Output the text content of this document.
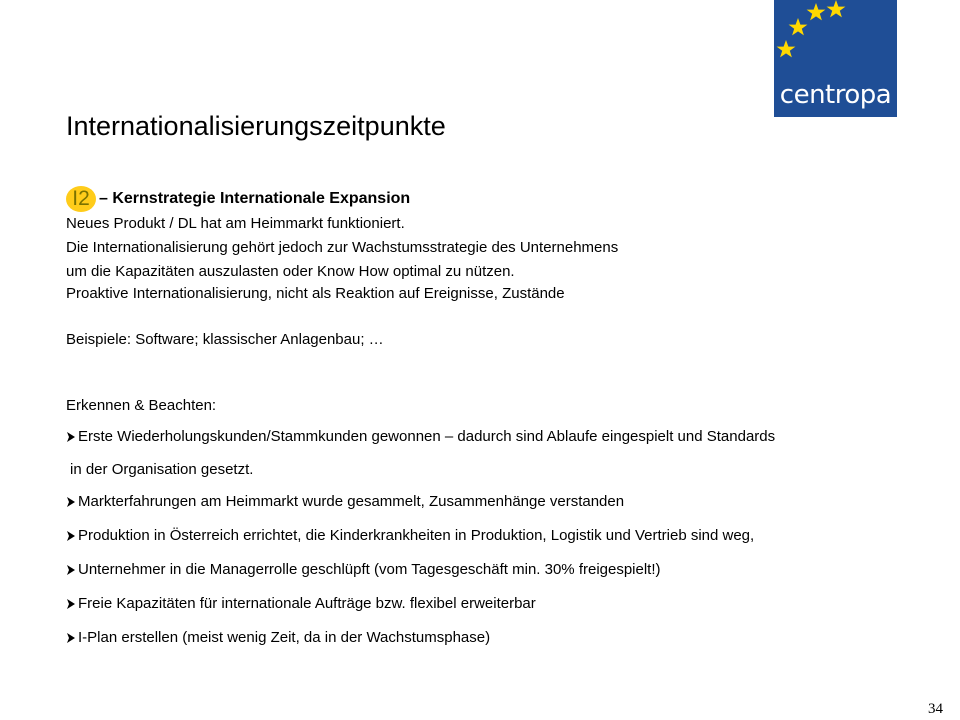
centropa
Internationalisierungszeitpunkte
I2 – Kernstrategie Internationale Expansion
Neues Produkt / DL hat am Heimmarkt funktioniert.
Die Internationalisierung gehört jedoch zur Wachstumsstrategie des Unternehmens
um die Kapazitäten auszulasten oder Know How optimal zu nützen.
Proaktive Internationalisierung, nicht als Reaktion auf Ereignisse, Zustände
Beispiele: Software; klassischer Anlagenbau; …
Erkennen & Beachten:
Erste Wiederholungskunden/Stammkunden gewonnen – dadurch sind Ablaufe eingespielt und Standards
in der Organisation gesetzt.
Markterfahrungen am Heimmarkt wurde gesammelt, Zusammenhänge verstanden
Produktion in Österreich errichtet, die Kinderkrankheiten in Produktion, Logistik und Vertrieb sind weg,
Unternehmer in die Managerrolle geschlüpft (vom Tagesgeschäft min. 30% freigespielt!)
Freie Kapazitäten für internationale Aufträge bzw. flexibel erweiterbar
I-Plan erstellen (meist wenig Zeit, da in der Wachstumsphase)
34
